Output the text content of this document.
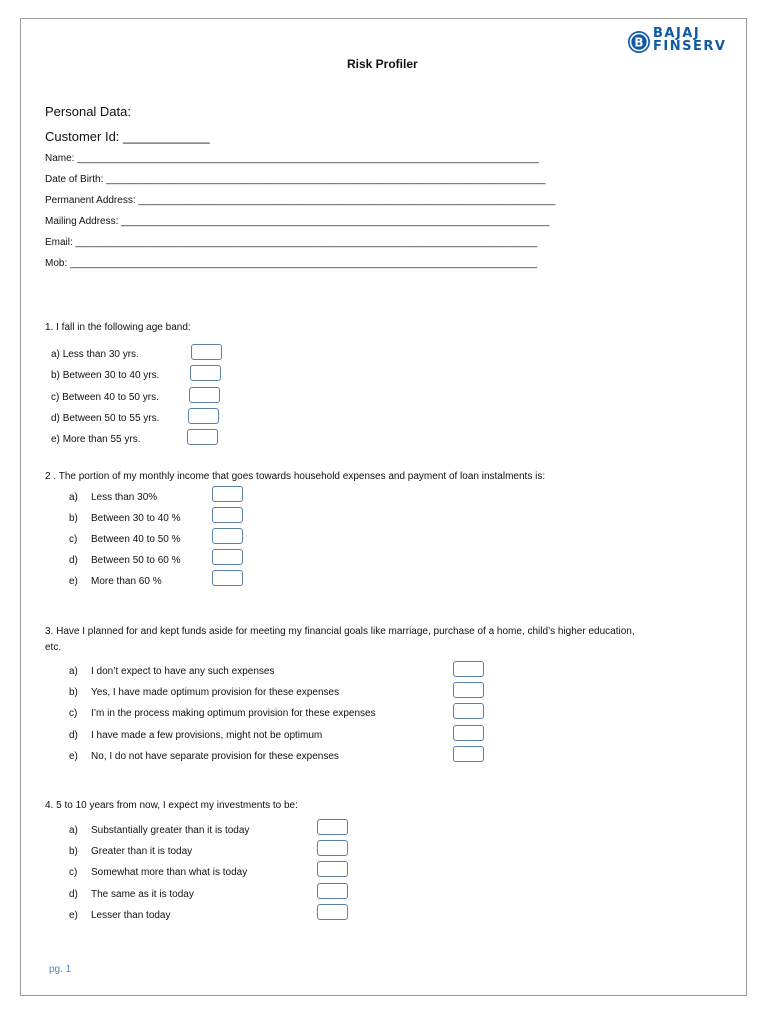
B
BAJAJ
FINSERV
Risk Profiler
Personal Data:
Customer Id: ____________
Name: ___________________________________________________________________________________
Date of Birth: _______________________________________________________________________________
Permanent Address: ___________________________________________________________________________
Mailing Address: _____________________________________________________________________________
Email: ___________________________________________________________________________________
Mob: ____________________________________________________________________________________
1. I fall in the following age band:
a) Less than 30 yrs.
b) Between 30 to 40 yrs.
c) Between 40 to 50 yrs.
d) Between 50 to 55 yrs.
e) More than 55 yrs.
2 . The portion of my monthly income that goes towards household expenses and payment of loan instalments is:
a) Less than 30%
b) Between 30 to 40 %
c) Between 40 to 50 %
d) Between 50 to 60 %
e) More than 60 %
3. Have I planned for and kept funds aside for meeting my financial goals like marriage, purchase of a home, child’s higher education,
etc.
a) I don’t expect to have any such expenses
b) Yes, I have made optimum provision for these expenses
c) I’m in the process making optimum provision for these expenses
d) I have made a few provisions, might not be optimum
e) No, I do not have separate provision for these expenses
4. 5 to 10 years from now, I expect my investments to be:
a) Substantially greater than it is today
b) Greater than it is today
c) Somewhat more than what is today
d) The same as it is today
e) Lesser than today
pg. 1
